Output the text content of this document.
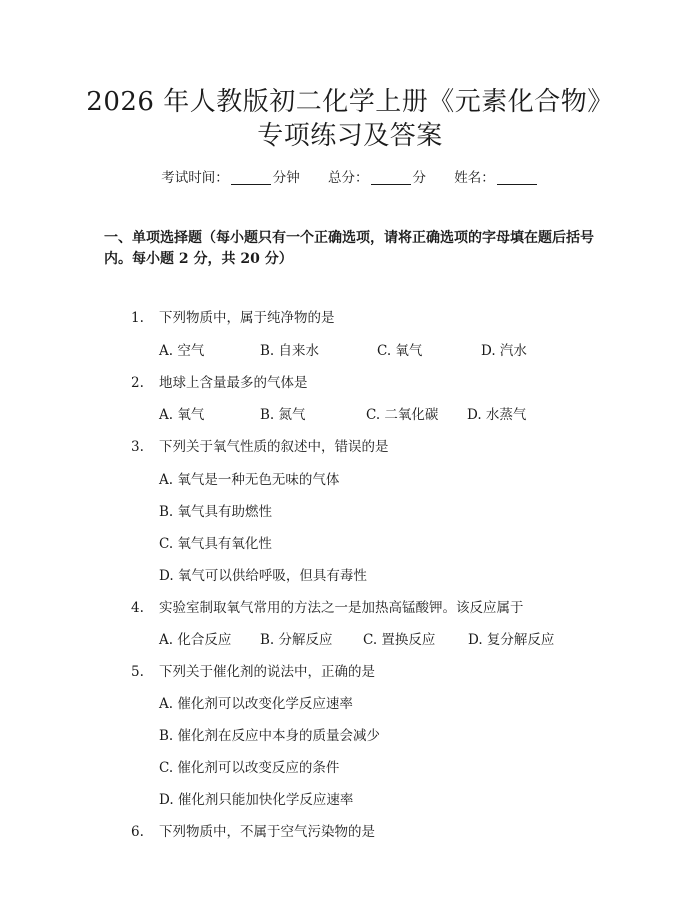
2026 年人教版初二化学上册《元素化合物》
专项练习及答案
考试时间：	分钟 总分：	分 姓名：
一、单项选择题（每小题只有一个正确选项，请将正确选项的字母填在题后括号
内。每小题 2 分，共 20 分）
1. 下列物质中，属于纯净物的是
A. 空气	B. 自来水	C. 氧气	D. 汽水
2. 地球上含量最多的气体是
A. 氧气	B. 氮气	C. 二氧化碳 D. 水蒸气
3. 下列关于氧气性质的叙述中，错误的是
A. 氧气是一种无色无味的气体
B. 氧气具有助燃性
C. 氧气具有氧化性
D. 氧气可以供给呼吸，但具有毒性
4. 实验室制取氧气常用的方法之一是加热高锰酸钾。该反应属于
A. 化合反应 B. 分解反应 C. 置换反应 D. 复分解反应
5. 下列关于催化剂的说法中，正确的是
A. 催化剂可以改变化学反应速率
B. 催化剂在反应中本身的质量会减少
C. 催化剂可以改变反应的条件
D. 催化剂只能加快化学反应速率
6. 下列物质中，不属于空气污染物的是
